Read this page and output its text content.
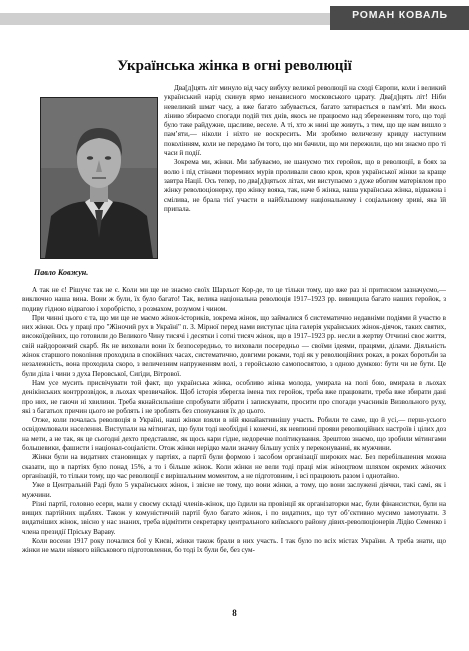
РОМАН КОВАЛЬ
Українська жінка в огні революції
Павло Ковжун.

Два[д]цять літ минуло від часу вибуху великої революції на сході Європи, коли і великий український нарід скинув ярмо ненависного московського царату. Два[д]цять літ! Ніби невеликий шмат часу, а вже багато забувається, багато затирається в пам’яті. Ми якось ліниво збираємо спогади подій тих днів, якось не працюємо над збереженням того, що тоді було таке райдужне, щасливе, веселе. А ті, хто ж нині ще живуть, з тим, що ще нам вишло з пам’яти,— ніколи і ніхто не воскресить. Ми зробимо величезну кривду наступним поколінням, коли не передамо їм того, що ми бачили, що ми пережили, що ми знаємо про ті часи й події.

Зокрема ми, жінки. Ми забуваємо, не шануємо тих геройок, що в революції, в боях за волю і під стінами тюремних мурів проливали свою кров, кров української жінки за краще завтра Нації. Ось тепер, по два[д]цятьох літах, ми виступаємо з дуже вбогим матеріялом про жінку революціонерку, про жінку вояка, так, наче б жінка, наша українська жінка, відважна і смілива, не брала тієї участи в найбільшому національному і соціальному зриві, яка їй припала.

А так не є! Рішучє так не є. Коли ми ще не знаємо своїх Шарльот Кор-де, то це тільки тому, що вже раз зі притиском зазначуємо,— виключно наша вина. Вони ж були, їх було багато! Так, велика національна революція 1917–1923 рр. вивищила багато наших геройок, з подиву гідною відвагою і хоробрістю, з розмахом, розумом і чином.

При чинні цього є та, що ми ще не маємо жінок-істориків, зокрема жінок, що займалися б систематично недавніми подіями й участю в них жінки. Ось у праці про "Жіночий рух в Україні" п. З. Мірної перед нами виступає ціла галерія українських жінок-діячок, таких святих, високоїдейних, що готовили до Великого Чину тисячі і десятки і сотні тисяч жінок, що в 1917–1923 рр. несли в жертву Отчизні своє життя, свій найдорожчий скарб. Як не виховали вони їх безпосередньо, то виховали посередньо — своїми ідеями, працями, ділами. Діяльність жінок старшого покоління проходила в спокійних часах, систематично, довгими роками, тоді як у революційних роках, в роках боротьби за незалежність, вона проходила скоро, з величезним напруженням волі, з геройською самопосвятою, з одною думкою: бути чи не бути. Це були діла і чини з духа Перовської, Сиґіди, Вітрової.

Нам усе мусить присвічувати той факт, що українська жінка, особливо жінка молода, умирала на полі бою, вмирала в льохах денікінських контррозвідок, в льохах чрезвичайок. Щоб історія зберегла імена тих геройок, треба вже працювати, треба вже збирати дані про них, не гаючи ні хвилини. Треба якнайсильніше спробувати зібрати і запискувати, просити про спогади учасників Визвольного руху, які з багатьох причин цього не роблять і не зроблять без спонукання їх до цього.

Отже, коли почалась революція в Україні, наші жінки взяли в ній якнайактивнішу участь. Робили те саме, що й усі,— перш-усього освідомлювали населення. Виступали на мітингах, що були тоді необхідні і конечні, як невпинні прояви революційних настроїв і цілих доз на мети, а не так, як це сьогодні дехто представляє, як щось кари гідне, недоречне політикування. Зрештою знаємо, що зробили мітингами большевики, фашисти і націонал-соціалісти. Отож жінки нерідко мали значну більшу успіх у переконуванні, як мужчини.

Жінки були на видатних становищах у партіях, а партії були формою і засобом організації широких мас. Без перебільшення можна сказати, що в партіях було понад 15%, а то і більше жінок. Коли жінки не вели тоді праці між жіноцтвом шляхом окремих жіночих організацій, то тільки тому, що час революції є вирішальним моментом, а не підготовним, і всі працюють разом і однотайно.

Уже в Центральній Раді було 5 українських жінок, і звісне не тому, що вони жінки, а тому, що вони заслужені діячки, такі самі, як і мужчини.

Різні партії, головно есери, мали у своєму складі членів-жінок, що їздили на провінції як організаторки мас, були фінансистки, були на вищих партійних щаблях. Також у комуністичній партії було багато жінок, і по видатних, що тут об’єктивно мусимо замотувати. З видатніших жінок, звісно у нас знаних, треба відмітити секретарку центрального київського району дівих-революціонерів Лідію Семенко і члена президії Пріську Вараву.

Коли восени 1917 року почалися бої у Києві, жінки також брали в них участь. І так було по всіх містах України. А треба знати, що жінки не мали ніякого військового підготовлення, бо тоді їх були бе, без сум-

8
